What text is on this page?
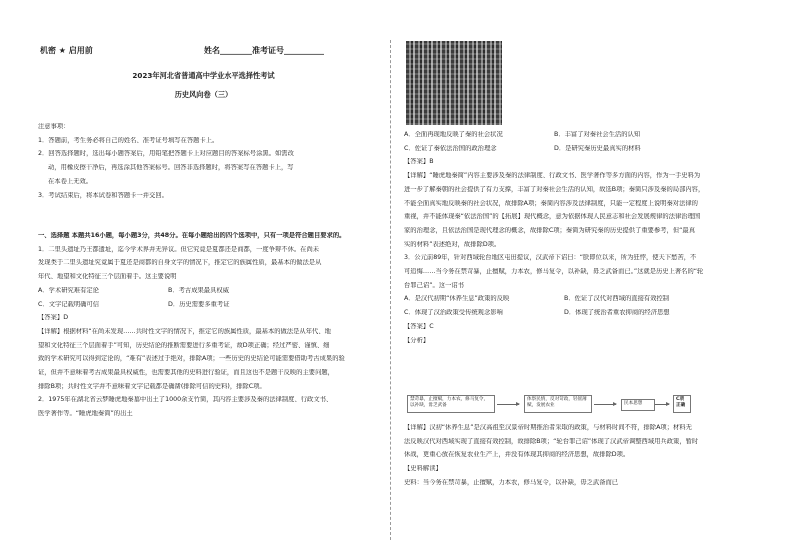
机密 ★ 启用前	姓名________准考证号__________
2023年河北省普通高中学业水平选择性考试
历史风向卷（三）
注意事项：
1．答题前，考生务必将自己的姓名、准考证号填写在答题卡上。
2．回答选择题时，选出每小题答案后，用铅笔把答题卡上对应题目的答案标号涂黑。如需改
动，用橡皮擦干净后，再选涂其他答案标号。回答非选择题时，将答案写在答题卡上，写
在本卷上无效。
3．考试结束后，将本试卷和答题卡一并交回。
一、选择题 本题共16小题，每小题3分，共48分。在每小题给出的四个选项中，只有一项是符合题目要求的。
1．二里头遗址乃王都遗址，迄今学术界并无异议。但它究竟是夏都还是商都，一度争辩不休。在尚未
发现类于二里头遗址究竟属于夏还是商都的自身文字的情况下，推定它的族属性质，最基本的做法是从
年代、地望和文化特征三个层面着手。这主要说明
A．学术研究难有定论	B．考古成果最具权威
C．文字记载明确可信	D．历史需要多重考证
【答案】D
【详解】根据材料“在尚未发现……共时性文字的情况下，推定它的族属性质，最基本的做法是从年代、地
望和文化特征三个层面着手”可知，历史结论的推断需要进行多重考证，故D项正确；经过严密、谨慎、细
致的学术研究可以得到定论的，“难有”表述过于绝对，排除A项；一些历史的史结论可能需要借助考古成果的验
证，但并不意味着考古成果最具权威性，也需要其他的史料进行验证，而且这也不是题干反映的主要问题，
排除B项；共时性文字并不意味着文字记载都是确凿(排除可信的史料)，排除C项。
2．1975年在湖北省云梦睡虎地秦墓中出土了1000余支竹简，其内容主要涉及秦的法律制度、行政文书、
医学著作等。“睡虎地秦简”的出土
A．全面再现地反映了秦的社会状况	B．丰富了对秦社会生活的认知
C．佐证了秦依法治国的政治理念	D．是研究秦历史最真实的材料
【答案】B
【详解】“睡虎地秦简”内容主要涉及秦的法律制度、行政文书、医学著作等多方面的内容，作为一手史料为
进一步了解秦朝的社会提供了有力支撑，丰富了对秦社会生活的认知，故选B项；秦简只涉及秦的局部内容，
不能全面真实地反映秦的社会状况，故排除A项；秦简内容涉及法律制度，只能一定程度上说明秦对法律的
重视，并不能体现秦“依法治国”的【拓展】现代概念，意为依据体现人民意志和社会发展规律的法律治理国
家的治理念，且依法治国是现代理念的概念，故排除C项；秦简为研究秦的历史提供了重要参考，但“最真
实的材料”表述绝对，故排除D项。
3．公元前89年，针对西域轮台地区屯田提议，汉武帝下诏曰：“朕即位以来，所为狂悖，使天下愁苦，不
可追悔……当今务在禁苛暴，止擅赋，力本农，修马复令，以补缺，毋乏武备而已。”这就是历史上著名的“轮
台罪己诏”。这一诏书
A．是汉代初期“休养生息”政策的反映	B．佐证了汉代对西域的直接有效控制
C．体现了汉治政策受传统观念影响	D．体现了统治者重农抑商的经济思想
【答案】C
【分析】
禁苛暴，止擅赋，力本农，修马复令，以补缺，毋乏武备
体察民情，反对苛政，轻徭薄赋，发展农业	民本思想
C项正确
【详解】汉初“休养生息”是汉高祖至汉景帝时期推治者采取的政策，与材料时间不符，排除A项；材料无
法反映汉代对西域实现了直接有效控制，故排除B项；“轮台罪己诏”体现了汉武帝调整西域用兵政策，暂时
休战，更重心放在恢复农业生产上，并没有体现其抑商的经济思想，故排除D项。
【史料解读】
史料：当今务在禁苛暴，止擅赋，力本农，修马复令，以补缺，毋乏武备而已
